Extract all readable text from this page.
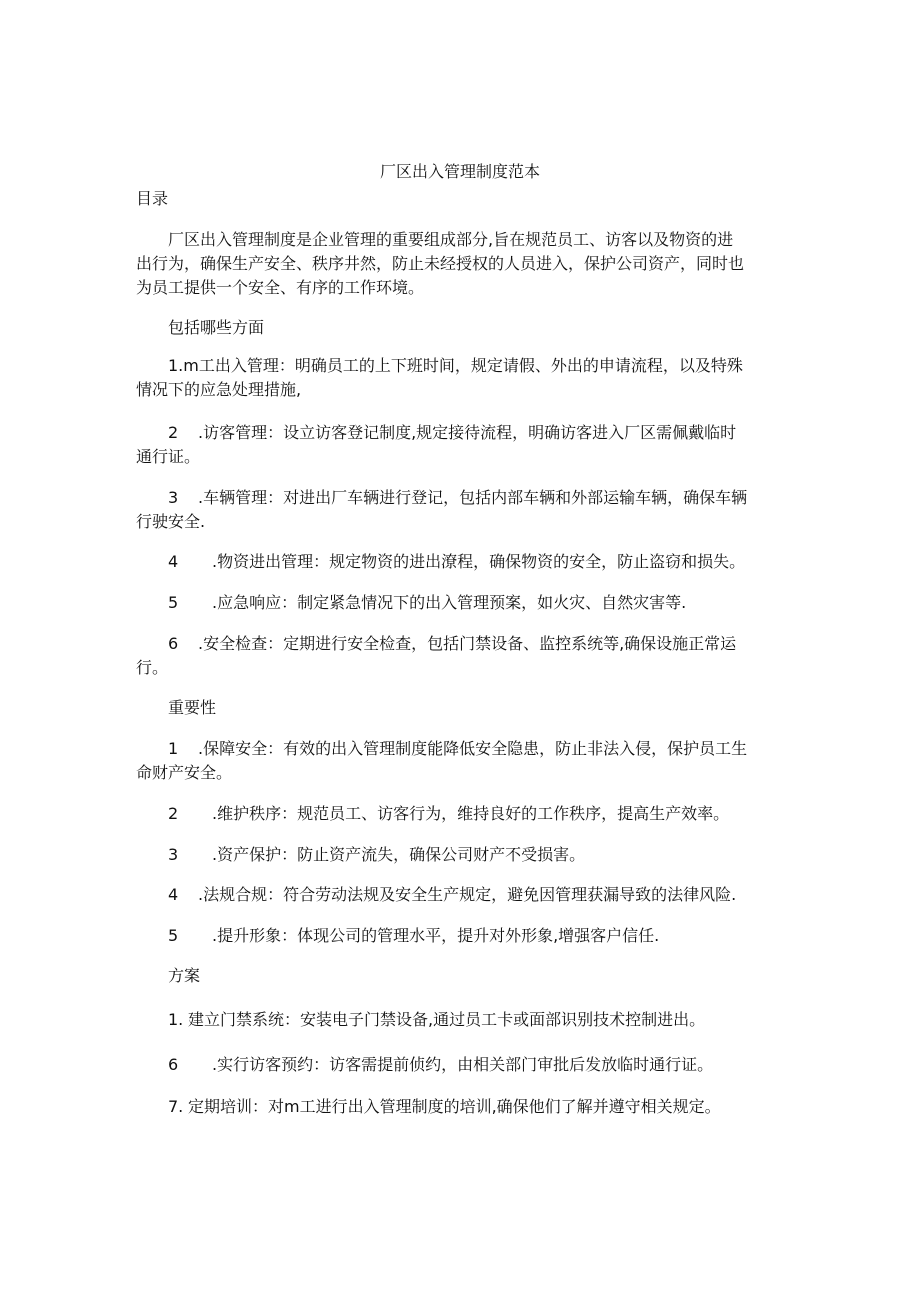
厂区出入管理制度范本
目录
厂区出入管理制度是企业管理的重要组成部分,旨在规范员工、访客以及物资的进
出行为，确保生产安全、秩序井然，防止未经授权的人员进入，保护公司资产，同时也
为员工提供一个安全、有序的工作环境。
包括哪些方面
1.m工出入管理：明确员工的上下班时间，规定请假、外出的申请流程，以及特殊
情况下的应急处理措施,
2 .访客管理：设立访客登记制度,规定接待流程，明确访客进入厂区需佩戴临时
通行证。
3 .车辆管理：对进出厂车辆进行登记，包括内部车辆和外部运输车辆，确保车辆
行驶安全.
4 .物资进出管理：规定物资的进出潦程，确保物资的安全，防止盗窃和损失。
5 .应急响应：制定紧急情况下的出入管理预案，如火灾、自然灾害等.
6 .安全检查：定期进行安全检查，包括门禁设备、监控系统等,确保设施正常运
行。
重要性
1 .保障安全：有效的出入管理制度能降低安全隐患，防止非法入侵，保护员工生
命财产安全。
2 .维护秩序：规范员工、访客行为，维持良好的工作秩序，提高生产效率。
3 .资产保护：防止资产流失，确保公司财产不受损害。
4 .法规合规：符合劳动法规及安全生产规定，避免因管理获漏导致的法律风险.
5 .提升形象：体现公司的管理水平，提升对外形象,增强客户信任.
方案
1. 建立门禁系统：安装电子门禁设备,通过员工卡或面部识别技术控制进出。
6 .实行访客预约：访客需提前侦约，由相关部门审批后发放临时通行证。
7. 定期培训：对m工进行出入管理制度的培训,确保他们了解并遵守相关规定。
